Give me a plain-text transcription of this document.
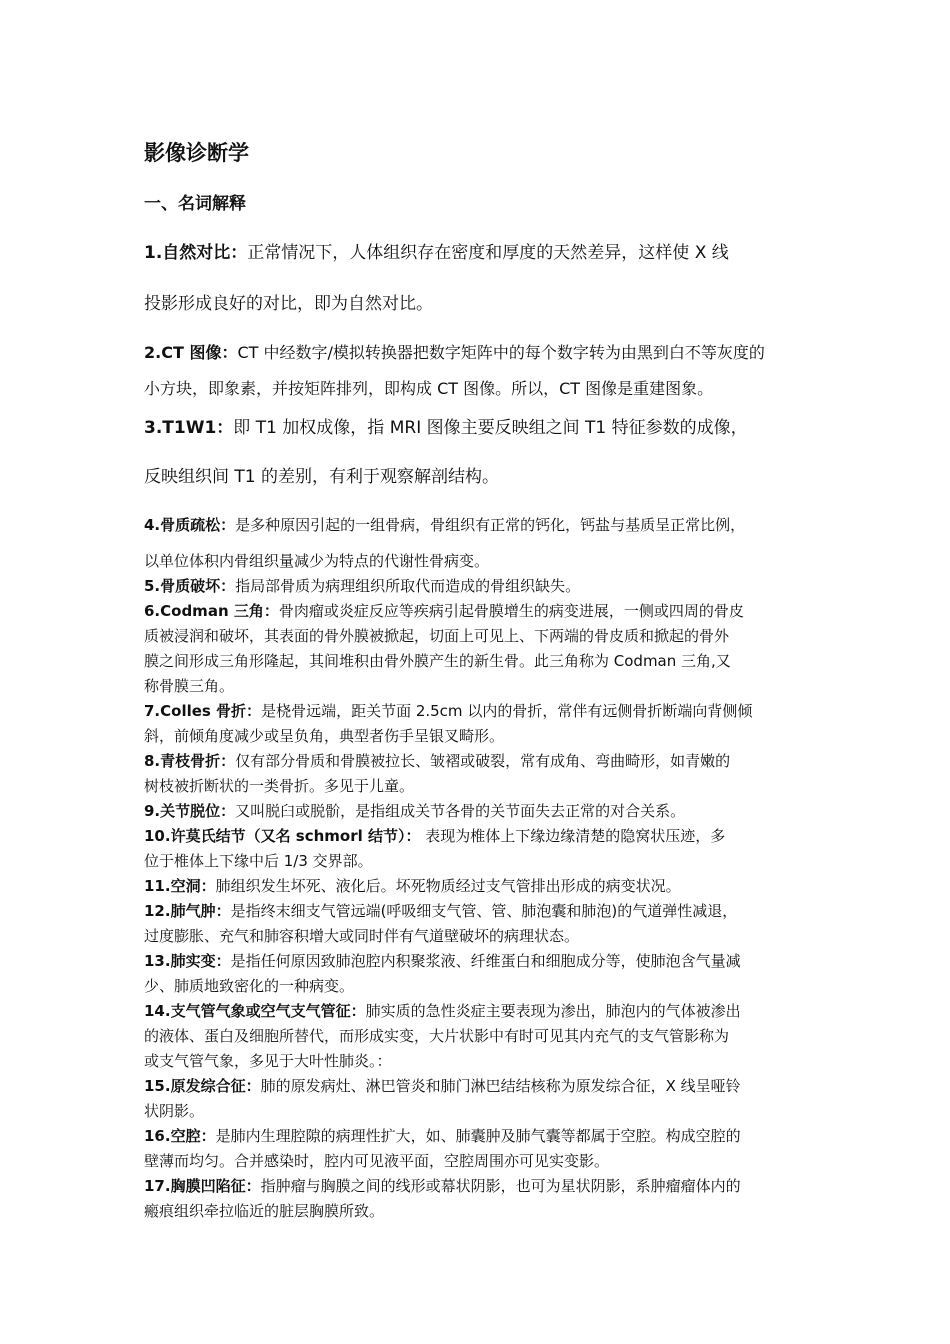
影像诊断学
一、名词解释
1.自然对比：正常情况下，人体组织存在密度和厚度的天然差异，这样使 X 线
投影形成良好的对比，即为自然对比。
2.CT 图像：CT 中经数字/模拟转换器把数字矩阵中的每个数字转为由黑到白不等灰度的
小方块，即象素，并按矩阵排列，即构成 CT 图像。所以，CT 图像是重建图象。
3.T1W1：即 T1 加权成像，指 MRI 图像主要反映组之间 T1 特征参数的成像，
反映组织间 T1 的差别，有利于观察解剖结构。
4.骨质疏松：是多种原因引起的一组骨病，骨组织有正常的钙化，钙盐与基质呈正常比例，
以单位体积内骨组织量减少为特点的代谢性骨病变。
5.骨质破坏：指局部骨质为病理组织所取代而造成的骨组织缺失。
6.Codman 三角：骨肉瘤或炎症反应等疾病引起骨膜增生的病变进展，一侧或四周的骨皮
质被浸润和破坏，其表面的骨外膜被掀起，切面上可见上、下两端的骨皮质和掀起的骨外
膜之间形成三角形隆起，其间堆积由骨外膜产生的新生骨。此三角称为 Codman 三角,又
称骨膜三角。
7.Colles 骨折：是桡骨远端，距关节面 2.5cm 以内的骨折，常伴有远侧骨折断端向背侧倾
斜，前倾角度减少或呈负角，典型者伤手呈银叉畸形。
8.青枝骨折：仅有部分骨质和骨膜被拉长、皱褶或破裂，常有成角、弯曲畸形，如青嫩的
树枝被折断状的一类骨折。多见于儿童。
9.关节脱位：又叫脱臼或脱骱，是指组成关节各骨的关节面失去正常的对合关系。
10.许莫氏结节（又名 schmorl 结节）： 表现为椎体上下缘边缘清楚的隐窝状压迹，多
位于椎体上下缘中后 1/3 交界部。
11.空洞：肺组织发生坏死、液化后。坏死物质经过支气管排出形成的病变状况。
12.肺气肿：是指终末细支气管远端(呼吸细支气管、管、肺泡囊和肺泡)的气道弹性减退，
过度膨胀、充气和肺容积增大或同时伴有气道壁破坏的病理状态。
13.肺实变：是指任何原因致肺泡腔内积聚浆液、纤维蛋白和细胞成分等，使肺泡含气量减
少、肺质地致密化的一种病变。
14.支气管气象或空气支气管征：肺实质的急性炎症主要表现为渗出，肺泡内的气体被渗出
的液体、蛋白及细胞所替代，而形成实变，大片状影中有时可见其内充气的支气管影称为
或支气管气象，多见于大叶性肺炎。：
15.原发综合征：肺的原发病灶、淋巴管炎和肺门淋巴结结核称为原发综合征，X 线呈哑铃
状阴影。
16.空腔：是肺内生理腔隙的病理性扩大，如、肺囊肿及肺气囊等都属于空腔。构成空腔的
壁薄而均匀。合并感染时，腔内可见液平面，空腔周围亦可见实变影。
17.胸膜凹陷征：指肿瘤与胸膜之间的线形或幕状阴影，也可为星状阴影，系肿瘤瘤体内的
瘢痕组织牵拉临近的脏层胸膜所致。
